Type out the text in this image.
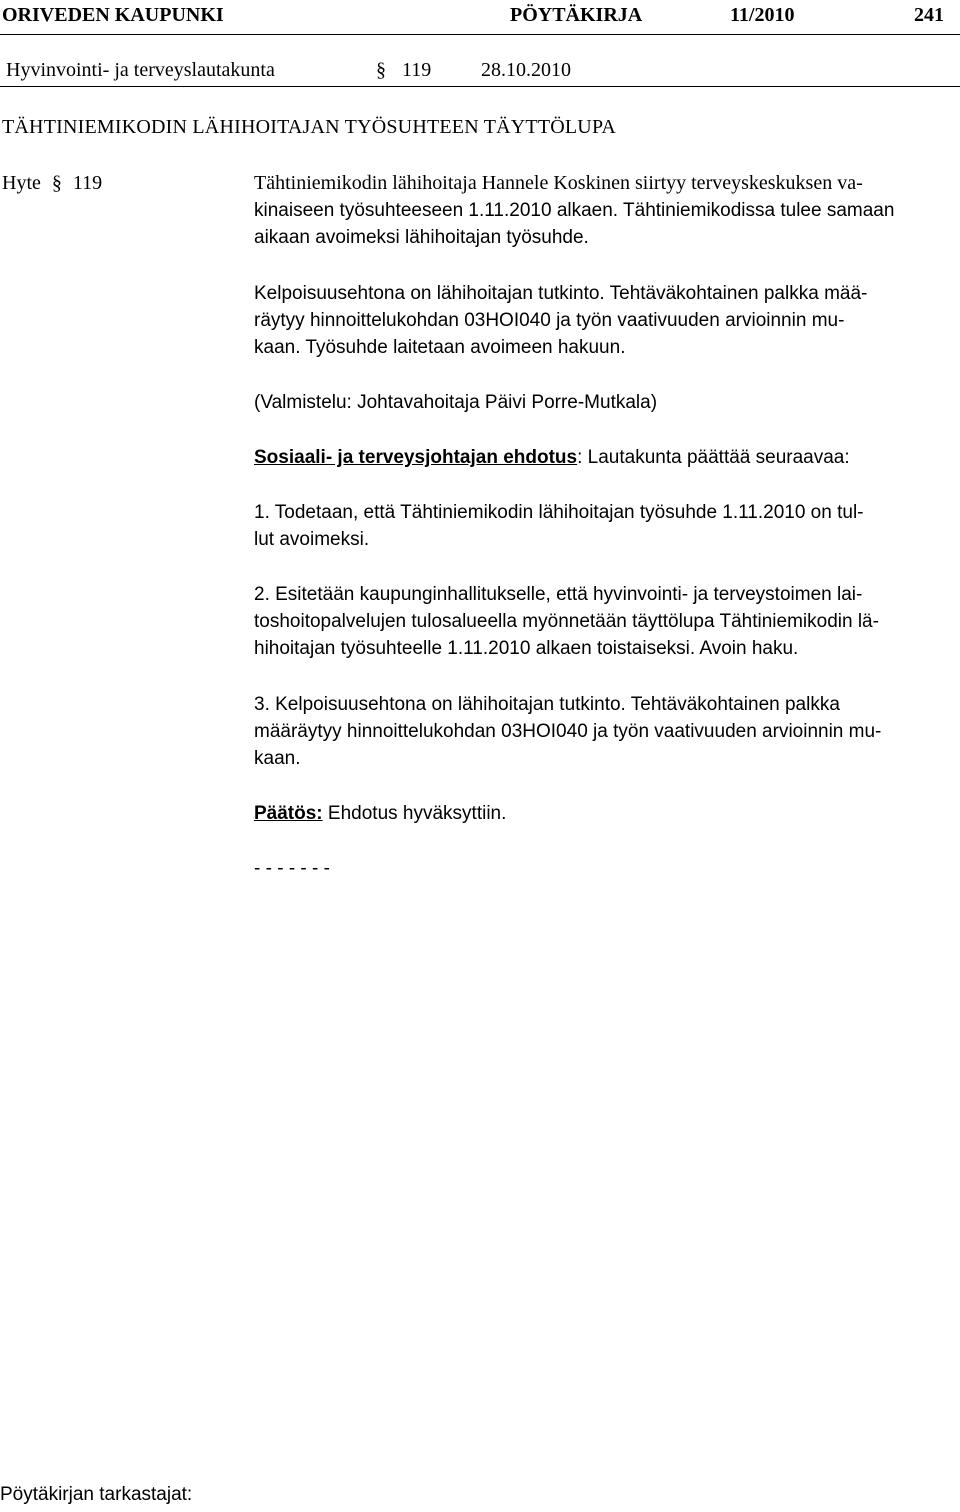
ORIVEDEN KAUPUNKI	PÖYTÄKIRJA	11/2010	241
Hyvinvointi- ja terveyslautakunta	§ 119 28.10.2010
TÄHTINIEMIKODIN LÄHIHOITAJAN TYÖSUHTEEN TÄYTTÖLUPA
Hyte § 119	Tähtiniemikodin lähihoitaja Hannele Koskinen siirtyy terveyskeskuksen va-
kinaiseen työsuhteeseen 1.11.2010 alkaen. Tähtiniemikodissa tulee samaan
aikaan avoimeksi lähihoitajan työsuhde.
Kelpoisuusehtona on lähihoitajan tutkinto. Tehtäväkohtainen palkka mää-
räytyy hinnoittelukohdan 03HOI040 ja työn vaativuuden arvioinnin mu-
kaan. Työsuhde laitetaan avoimeen hakuun.
(Valmistelu: Johtavahoitaja Päivi Porre-Mutkala)
Sosiaali- ja terveysjohtajan ehdotus: Lautakunta päättää seuraavaa:
1. Todetaan, että Tähtiniemikodin lähihoitajan työsuhde 1.11.2010 on tul-
lut avoimeksi.
2. Esitetään kaupunginhallitukselle, että hyvinvointi- ja terveystoimen lai-
toshoitopalvelujen tulosalueella myönnetään täyttölupa Tähtiniemikodin lä-
hihoitajan työsuhteelle 1.11.2010 alkaen toistaiseksi. Avoin haku.
3. Kelpoisuusehtona on lähihoitajan tutkinto. Tehtäväkohtainen palkka
määräytyy hinnoittelukohdan 03HOI040 ja työn vaativuuden arvioinnin mu-
kaan.
Päätös: Ehdotus hyväksyttiin.
- - - - - - -
Pöytäkirjan tarkastajat:
